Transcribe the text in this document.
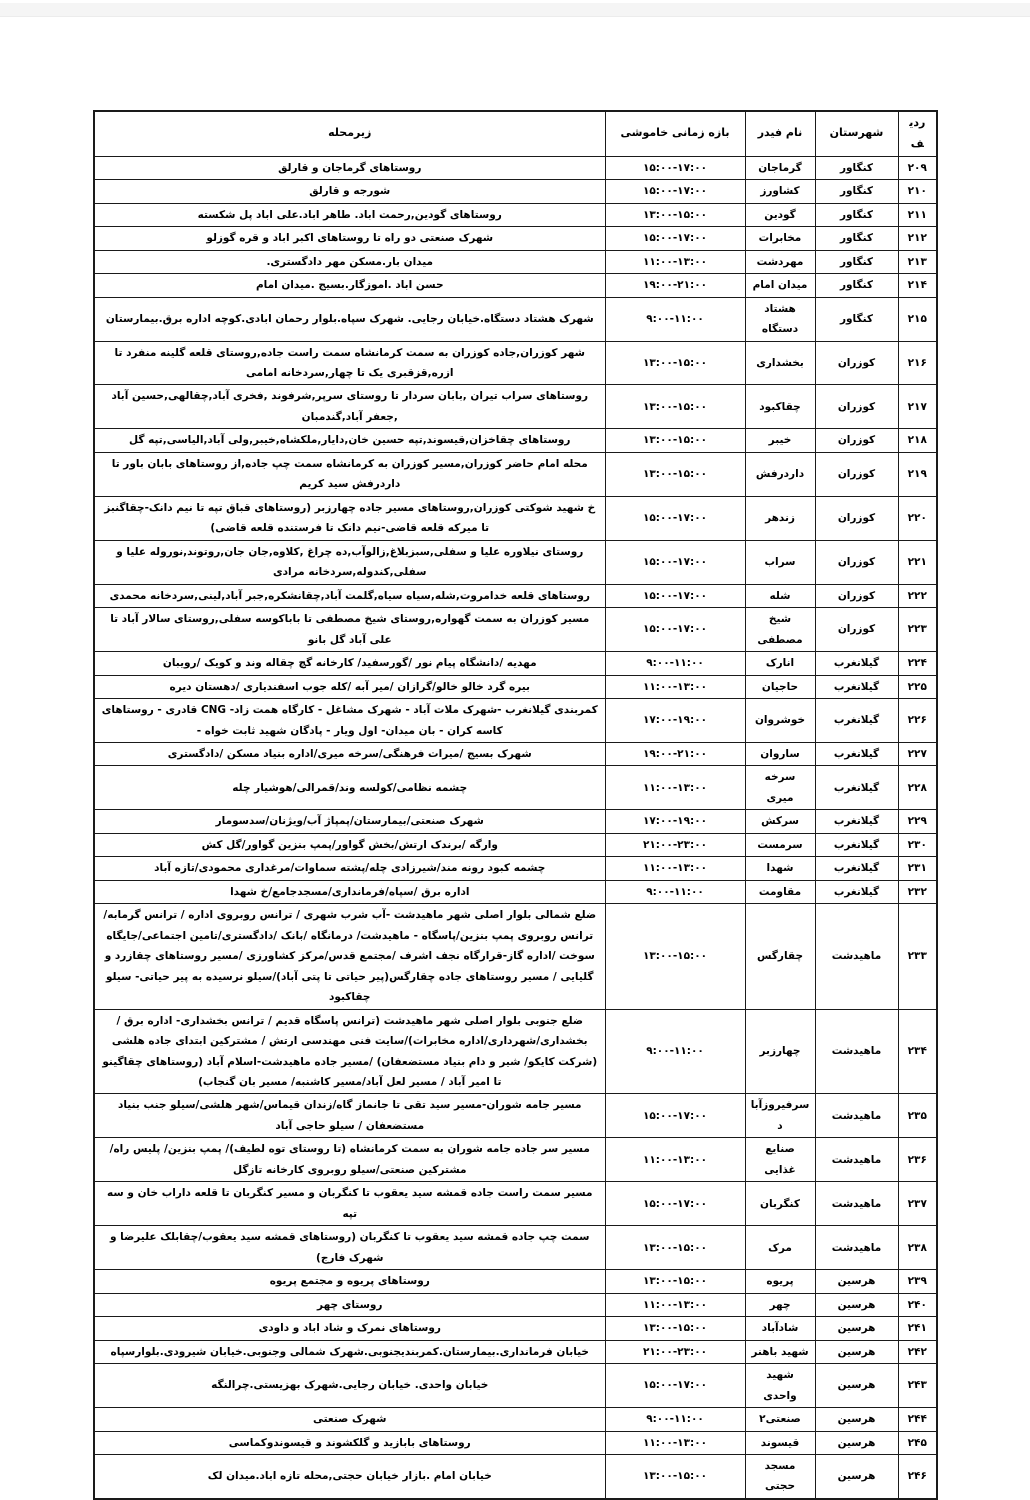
ردیف	شهرستان	نام فیدر	بازه زمانی خاموشی	زیرمحله
۲۰۹	کنگاور	گرماجان	۱۵:۰۰-۱۷:۰۰	روستاهای گرماجان و قارلق
۲۱۰	کنگاور	کشاورز	۱۵:۰۰-۱۷:۰۰	شورجه و قارلق
۲۱۱	کنگاور	گودین	۱۳:۰۰-۱۵:۰۰	روستاهای گودین,رحمت اباد. طاهر اباد.علی اباد پل شکسته
۲۱۲	کنگاور	مخابرات	۱۵:۰۰-۱۷:۰۰	شهرک صنعتی دو راه تا روستاهای اکبر اباد و قره گوزلو
۲۱۳	کنگاور	مهردشت	۱۱:۰۰-۱۳:۰۰	میدان بار.مسکن مهر دادگستری.
۲۱۴	کنگاور	میدان امام	۱۹:۰۰-۲۱:۰۰	حسن اباد .اموزگار.بسیج .میدان امام
۲۱۵	کنگاور	هشتاد دستگاه	۹:۰۰-۱۱:۰۰	شهرک هشتاد دستگاه.خیابان رجایی. شهرک سپاه.بلوار رحمان ابادی.کوچه اداره برق.بیمارستان
۲۱۶	کوزران	بخشداری	۱۳:۰۰-۱۵:۰۰	شهر کوزران,جاده کوزران به سمت کرمانشاه سمت راست جاده,روستای قلعه گلینه منفرد تا ازره,قزقبری یک تا چهار,سردخانه امامی
۲۱۷	کوزران	چقاکبود	۱۳:۰۰-۱۵:۰۰	روستاهای سراب تیران ,بابان سردار تا روستای سرپر,شرفوند ,فخری آباد,چقالهی,حسین آباد ,جعفر آباد,گندمبان
۲۱۸	کوزران	خیبر	۱۳:۰۰-۱۵:۰۰	روستاهای چقاخزان,قیسوند,تپه حسین خان,دایار,ملکشاه,خیبر,ولی آباد,الیاسی,تپه گل
۲۱۹	کوزران	داردرفش	۱۳:۰۰-۱۵:۰۰	محله امام حاضر کوزران,مسیر کوزران به کرمانشاه سمت چپ جاده,از روستاهای بابان باور تا داردرفش سید کریم
۲۲۰	کوزران	زندهر	۱۵:۰۰-۱۷:۰۰	خ شهید شوکتی کوزران,روستاهای مسیر جاده چهارزبر (روستاهای قباق تپه تا نیم دانک-چقاگنبز تا میرکه قلعه قاضی-نیم دانک تا فرستنده قلعه قاضی)
۲۲۱	کوزران	سراب	۱۵:۰۰-۱۷:۰۰	روستای نیلاوره علیا و سفلی,سبزبلاغ,زالوآب,ده چراغ ,کلاوه,جان جان,روتوند,نوروله علیا و سفلی,کندوله,سردخانه مرادی
۲۲۲	کوزران	شله	۱۵:۰۰-۱۷:۰۰	روستاهای قلعه خدامروت,شله,سیاه سیاه,گلمت آباد,چقانشکره,جبر آباد,لینی,سردخانه محمدی
۲۲۳	کوزران	شیخ مصطفی	۱۵:۰۰-۱۷:۰۰	مسیر کوزران به سمت گهواره,روستای شیخ مصطفی تا باباکوسه سفلی,روستای سالار آباد تا علی آباد گل بانو
۲۲۴	گیلانغرب	انارک	۹:۰۰-۱۱:۰۰	مهدیه /دانشگاه پیام نور /گورسفید/ کارخانه گچ چقاله وند و کویک /رویبان
۲۲۵	گیلانغرب	حاجیان	۱۱:۰۰-۱۳:۰۰	بیره گرد خالو خالو/گرازان /میر آبه /کله جوب اسفندیاری /دهستان دیره
۲۲۶	گیلانغرب	خوشروان	۱۷:۰۰-۱۹:۰۰	کمربندی گیلانغرب -شهرک ملات آباد - شهرک مشاغل - کارگاه همت زاد- CNG قادری - روستاهای کاسه کران - بان میدان- اول ویار - پادگان شهید ثابت خواه -
۲۲۷	گیلانغرب	ساروان	۱۹:۰۰-۲۱:۰۰	شهرک بسیج /میرات فرهنگی/سرخه میری/اداره بنیاد مسکن /دادگستری
۲۲۸	گیلانغرب	سرخه میری	۱۱:۰۰-۱۳:۰۰	چشمه نظامی/کولسه وند/قمرالی/هوشیار چله
۲۲۹	گیلانغرب	سرکش	۱۷:۰۰-۱۹:۰۰	شهرک صنعتی/بیمارستان/پمپاژ آب/ویژنان/سدسومار
۲۳۰	گیلانغرب	سرمست	۲۱:۰۰-۲۳:۰۰	وارگه /برندک ارتش/بخش گواور/پمپ بنزین گواور/گل کش
۲۳۱	گیلانغرب	شهدا	۱۱:۰۰-۱۳:۰۰	چشمه کبود رونه مند/شیرزادی چله/پشته سماوات/مرغداری محمودی/تازه آباد
۲۳۲	گیلانغرب	مقاومت	۹:۰۰-۱۱:۰۰	اداره برق /سپاه/فرمانداری/مسجدجامع/خ شهدا
۲۳۳	ماهیدشت	چقارگس	۱۳:۰۰-۱۵:۰۰	ضلع شمالی بلوار اصلی شهر ماهیدشت -آب شرب شهری / ترانس روبروی اداره / ترانس گرمابه/ترانس روبروی پمپ بنزین/پاسگاه - ماهیدشت/ درمانگاه /بانک /دادگستری/تامین اجتماعی/جایگاه سوخت /اداره گاز-قرارگاه نجف اشرف /مجتمع قدس/مرکز کشاورزی /مسیر روستاهای چقازرد و گلیایی / مسیر روستاهای جاده چقارگس(پیر حیاتی تا پتی آباد)/سیلو نرسیده به پیر حیاتی- سیلو چقاکبود
۲۳۴	ماهیدشت	چهارزبر	۹:۰۰-۱۱:۰۰	ضلع جنوبی بلوار اصلی شهر ماهیدشت (ترانس پاسگاه قدیم / ترانس بخشداری- اداره برق /بخشداری/شهرداری/اداره مخابرات)/سایت فنی مهندسی ارتش / مشترکین ابتدای جاده هلشی (شرکت کایکو/ شیر و دام بنیاد مستضعفان) /مسیر جاده ماهیدشت-اسلام آباد (روستاهای چقاگینو تا امیر آباد / مسیر لعل آباد/مسیر کاشنبه/ مسیر بان گنجاب)
۲۳۵	ماهیدشت	سرفیروزآباد	۱۵:۰۰-۱۷:۰۰	مسیر جامه شوران-مسیر سید تقی تا جانماز گاه/زندان قیماس/شهر هلشی/سیلو جنب بنیاد مستضعفان / سیلو حاجی آباد
۲۳۶	ماهیدشت	صنایع غذایی	۱۱:۰۰-۱۳:۰۰	مسیر سر جاده جامه شوران به سمت کرمانشاه (تا روستای توه لطیف)/ پمپ بنزین/ پلیس راه/مشترکین صنعتی/سیلو روبروی کارخانه تازگل
۲۳۷	ماهیدشت	کنگربان	۱۵:۰۰-۱۷:۰۰	مسیر سمت راست جاده قمشه سید یعقوب تا کنگربان و مسیر کنگربان تا قلعه داراب خان و سه تپه
۲۳۸	ماهیدشت	مرک	۱۳:۰۰-۱۵:۰۰	سمت چپ جاده قمشه سید یعقوب تا کنگربان (روستاهای قمشه سید یعقوب/چقابلک علیرضا و شهرک فارج)
۲۳۹	هرسین	پریوه	۱۳:۰۰-۱۵:۰۰	روستاهای پریوه و مجتمع پریوه
۲۴۰	هرسین	چهر	۱۱:۰۰-۱۳:۰۰	روستای چهر
۲۴۱	هرسین	شادآباد	۱۳:۰۰-۱۵:۰۰	روستاهای نمرک و شاد اباد و داودی
۲۴۲	هرسین	شهید باهنر	۲۱:۰۰-۲۳:۰۰	خیابان فرمانداری.بیمارستان.کمربندیجنوبی.شهرک شمالی وجنوبی.خیابان شیرودی.بلوارسپاه
۲۴۳	هرسین	شهید واحدی	۱۵:۰۰-۱۷:۰۰	خیابان واحدی. خیابان رجایی.شهرک بهزیستی.چرالنگه
۲۴۴	هرسین	صنعتی۲	۹:۰۰-۱۱:۰۰	شهرک صنعتی
۲۴۵	هرسین	قیسوند	۱۱:۰۰-۱۳:۰۰	روستاهای بابازید و گلکشوند و قیسوندوکماسی
۲۴۶	هرسین	مسجد حجتی	۱۳:۰۰-۱۵:۰۰	خیابان امام .بازار خیابان حجتی,محله تازه اباد.میدان لک
